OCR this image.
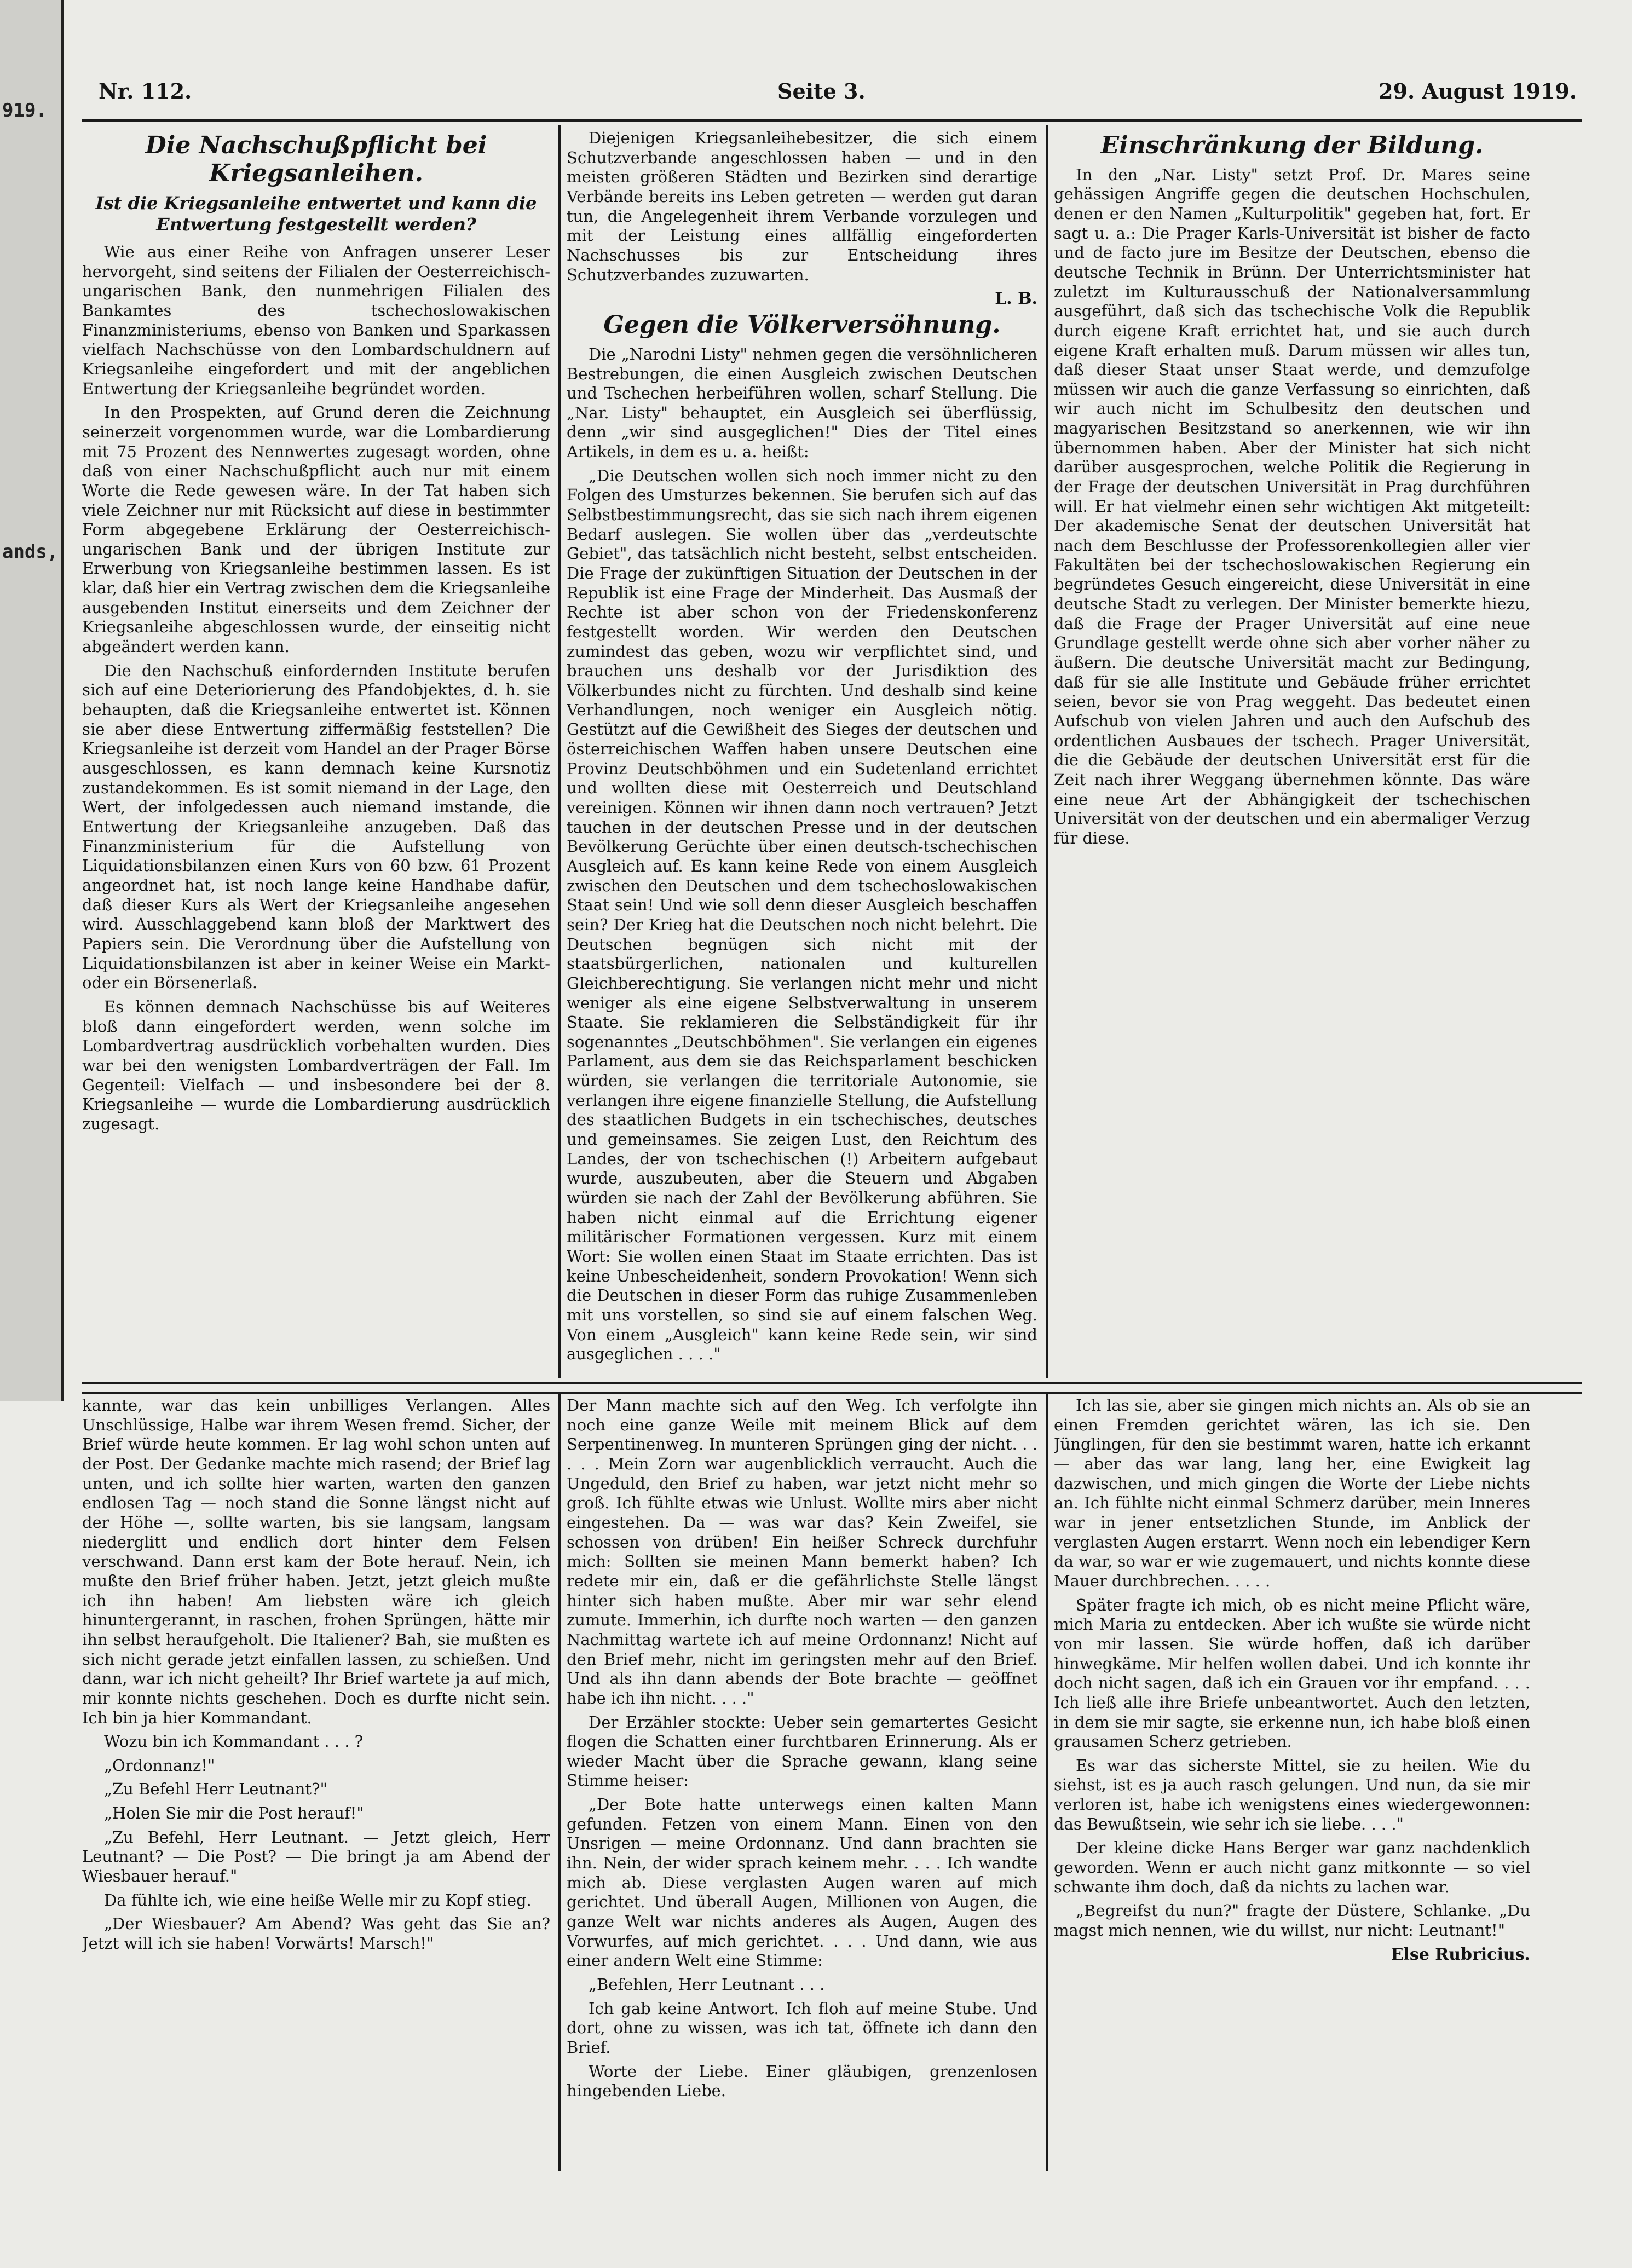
919.
ands,
Nr. 112.	Seite 3.	29. August 1919.
Die Nachschußpflicht bei Kriegsanleihen.
Ist die Kriegsanleihe entwertet und kann die Entwertung festgestellt werden?

Wie aus einer Reihe von Anfragen unserer Leser hervorgeht, sind seitens der Filialen der Oesterreichisch-ungarischen Bank, den nunmehrigen Filialen des Bankamtes des tschechoslowakischen Finanzministeriums, ebenso von Banken und Sparkassen vielfach Nachschüsse von den Lombardschuldnern auf Kriegsanleihe eingefordert und mit der angeblichen Entwertung der Kriegsanleihe begründet worden.

In den Prospekten, auf Grund deren die Zeichnung seinerzeit vorgenommen wurde, war die Lombardierung mit 75 Prozent des Nennwertes zugesagt worden, ohne daß von einer Nachschußpflicht auch nur mit einem Worte die Rede gewesen wäre. In der Tat haben sich viele Zeichner nur mit Rücksicht auf diese in bestimmter Form abgegebene Erklärung der Oesterreichisch-ungarischen Bank und der übrigen Institute zur Erwerbung von Kriegsanleihe bestimmen lassen. Es ist klar, daß hier ein Vertrag zwischen dem die Kriegsanleihe ausgebenden Institut einerseits und dem Zeichner der Kriegsanleihe abgeschlossen wurde, der einseitig nicht abgeändert werden kann.

Die den Nachschuß einfordernden Institute berufen sich auf eine Deteriorierung des Pfandobjektes, d. h. sie behaupten, daß die Kriegsanleihe entwertet ist. Können sie aber diese Entwertung ziffermäßig feststellen? Die Kriegsanleihe ist derzeit vom Handel an der Prager Börse ausgeschlossen, es kann demnach keine Kursnotiz zustandekommen. Es ist somit niemand in der Lage, den Wert, der infolgedessen auch niemand imstande, die Entwertung der Kriegsanleihe anzugeben. Daß das Finanzministerium für die Aufstellung von Liquidationsbilanzen einen Kurs von 60 bzw. 61 Prozent angeordnet hat, ist noch lange keine Handhabe dafür, daß dieser Kurs als Wert der Kriegsanleihe angesehen wird. Ausschlaggebend kann bloß der Marktwert des Papiers sein. Die Verordnung über die Aufstellung von Liquidationsbilanzen ist aber in keiner Weise ein Markt- oder ein Börsenerlaß.

Es können demnach Nachschüsse bis auf Weiteres bloß dann eingefordert werden, wenn solche im Lombardvertrag ausdrücklich vorbehalten wurden. Dies war bei den wenigsten Lombardverträgen der Fall. Im Gegenteil: Vielfach — und insbesondere bei der 8. Kriegsanleihe — wurde die Lombardierung ausdrücklich zugesagt.

Diejenigen Kriegsanleihebesitzer, die sich einem Schutzverbande angeschlossen haben — und in den meisten größeren Städten und Bezirken sind derartige Verbände bereits ins Leben getreten — werden gut daran tun, die Angelegenheit ihrem Verbande vorzulegen und mit der Leistung eines allfällig eingeforderten Nachschusses bis zur Entscheidung ihres Schutzverbandes zuzuwarten.

L. B.
Gegen die Völkerversöhnung.

Die „Narodni Listy" nehmen gegen die versöhnlicheren Bestrebungen, die einen Ausgleich zwischen Deutschen und Tschechen herbeiführen wollen, scharf Stellung. Die „Nar. Listy" behauptet, ein Ausgleich sei überflüssig, denn „wir sind ausgeglichen!" Dies der Titel eines Artikels, in dem es u. a. heißt:

„Die Deutschen wollen sich noch immer nicht zu den Folgen des Umsturzes bekennen. Sie berufen sich auf das Selbstbestimmungsrecht, das sie sich nach ihrem eigenen Bedarf auslegen. Sie wollen über das „verdeutschte Gebiet", das tatsächlich nicht besteht, selbst entscheiden. Die Frage der zukünftigen Situation der Deutschen in der Republik ist eine Frage der Minderheit. Das Ausmaß der Rechte ist aber schon von der Friedenskonferenz festgestellt worden. Wir werden den Deutschen zumindest das geben, wozu wir verpflichtet sind, und brauchen uns deshalb vor der Jurisdiktion des Völkerbundes nicht zu fürchten. Und deshalb sind keine Verhandlungen, noch weniger ein Ausgleich nötig. Gestützt auf die Gewißheit des Sieges der deutschen und österreichischen Waffen haben unsere Deutschen eine Provinz Deutschböhmen und ein Sudetenland errichtet und wollten diese mit Oesterreich und Deutschland vereinigen. Können wir ihnen dann noch vertrauen? Jetzt tauchen in der deutschen Presse und in der deutschen Bevölkerung Gerüchte über einen deutsch-tschechischen Ausgleich auf. Es kann keine Rede von einem Ausgleich zwischen den Deutschen und dem tschechoslowakischen Staat sein! Und wie soll denn dieser Ausgleich beschaffen sein? Der Krieg hat die Deutschen noch nicht belehrt. Die Deutschen begnügen sich nicht mit der staatsbürgerlichen, nationalen und kulturellen Gleichberechtigung. Sie verlangen nicht mehr und nicht weniger als eine eigene Selbstverwaltung in unserem Staate. Sie reklamieren die Selbständigkeit für ihr sogenanntes „Deutschböhmen". Sie verlangen ein eigenes Parlament, aus dem sie das Reichsparlament beschicken würden, sie verlangen die territoriale Autonomie, sie verlangen ihre eigene finanzielle Stellung, die Aufstellung des staatlichen Budgets in ein tschechisches, deutsches und gemeinsames. Sie zeigen Lust, den Reichtum des Landes, der von tschechischen (!) Arbeitern aufgebaut wurde, auszubeuten, aber die Steuern und Abgaben würden sie nach der Zahl der Bevölkerung abführen. Sie haben nicht einmal auf die Errichtung eigener militärischer Formationen vergessen. Kurz mit einem Wort: Sie wollen einen Staat im Staate errichten. Das ist keine Unbescheidenheit, sondern Provokation! Wenn sich die Deutschen in dieser Form das ruhige Zusammenleben mit uns vorstellen, so sind sie auf einem falschen Weg. Von einem „Ausgleich" kann keine Rede sein, wir sind ausgeglichen . . . ."

Einschränkung der Bildung.

In den „Nar. Listy" setzt Prof. Dr. Mares seine gehässigen Angriffe gegen die deutschen Hochschulen, denen er den Namen „Kulturpolitik" gegeben hat, fort. Er sagt u. a.: Die Prager Karls-Universität ist bisher de facto und de facto jure im Besitze der Deutschen, ebenso die deutsche Technik in Brünn. Der Unterrichtsminister hat zuletzt im Kulturausschuß der Nationalversammlung ausgeführt, daß sich das tschechische Volk die Republik durch eigene Kraft errichtet hat, und sie auch durch eigene Kraft erhalten muß. Darum müssen wir alles tun, daß dieser Staat unser Staat werde, und demzufolge müssen wir auch die ganze Verfassung so einrichten, daß wir auch nicht im Schulbesitz den deutschen und magyarischen Besitzstand so anerkennen, wie wir ihn übernommen haben. Aber der Minister hat sich nicht darüber ausgesprochen, welche Politik die Regierung in der Frage der deutschen Universität in Prag durchführen will. Er hat vielmehr einen sehr wichtigen Akt mitgeteilt: Der akademische Senat der deutschen Universität hat nach dem Beschlusse der Professorenkollegien aller vier Fakultäten bei der tschechoslowakischen Regierung ein begründetes Gesuch eingereicht, diese Universität in eine deutsche Stadt zu verlegen. Der Minister bemerkte hiezu, daß die Frage der Prager Universität auf eine neue Grundlage gestellt werde ohne sich aber vorher näher zu äußern. Die deutsche Universität macht zur Bedingung, daß für sie alle Institute und Gebäude früher errichtet seien, bevor sie von Prag weggeht. Das bedeutet einen Aufschub von vielen Jahren und auch den Aufschub des ordentlichen Ausbaues der tschech. Prager Universität, die die Gebäude der deutschen Universität erst für die Zeit nach ihrer Weggang übernehmen könnte. Das wäre eine neue Art der Abhängigkeit der tschechischen Universität von der deutschen und ein abermaliger Verzug für diese.

kannte, war das kein unbilliges Verlangen. Alles Unschlüssige, Halbe war ihrem Wesen fremd. Sicher, der Brief würde heute kommen. Er lag wohl schon unten auf der Post. Der Gedanke machte mich rasend; der Brief lag unten, und ich sollte hier warten, warten den ganzen endlosen Tag — noch stand die Sonne längst nicht auf der Höhe —, sollte warten, bis sie langsam, langsam niederglitt und endlich dort hinter dem Felsen verschwand. Dann erst kam der Bote herauf. Nein, ich mußte den Brief früher haben. Jetzt, jetzt gleich mußte ich ihn haben! Am liebsten wäre ich gleich hinuntergerannt, in raschen, frohen Sprüngen, hätte mir ihn selbst heraufgeholt. Die Italiener? Bah, sie mußten es sich nicht gerade jetzt einfallen lassen, zu schießen. Und dann, war ich nicht geheilt? Ihr Brief wartete ja auf mich, mir konnte nichts geschehen. Doch es durfte nicht sein. Ich bin ja hier Kommandant.

Wozu bin ich Kommandant . . . ?

„Ordonnanz!"

„Zu Befehl Herr Leutnant?"

„Holen Sie mir die Post herauf!"

„Zu Befehl, Herr Leutnant. — Jetzt gleich, Herr Leutnant? — Die Post? — Die bringt ja am Abend der Wiesbauer herauf."

Da fühlte ich, wie eine heiße Welle mir zu Kopf stieg.

„Der Wiesbauer? Am Abend? Was geht das Sie an? Jetzt will ich sie haben! Vorwärts! Marsch!"

Der Mann machte sich auf den Weg. Ich verfolgte ihn noch eine ganze Weile mit meinem Blick auf dem Serpentinenweg. In munteren Sprüngen ging der nicht. . . . . . Mein Zorn war augenblicklich verraucht. Auch die Ungeduld, den Brief zu haben, war jetzt nicht mehr so groß. Ich fühlte etwas wie Unlust. Wollte mirs aber nicht eingestehen. Da — was war das? Kein Zweifel, sie schossen von drüben! Ein heißer Schreck durchfuhr mich: Sollten sie meinen Mann bemerkt haben? Ich redete mir ein, daß er die gefährlichste Stelle längst hinter sich haben mußte. Aber mir war sehr elend zumute. Immerhin, ich durfte noch warten — den ganzen Nachmittag wartete ich auf meine Ordonnanz! Nicht auf den Brief mehr, nicht im geringsten mehr auf den Brief. Und als ihn dann abends der Bote brachte — geöffnet habe ich ihn nicht. . . ."

Der Erzähler stockte: Ueber sein gemartertes Gesicht flogen die Schatten einer furchtbaren Erinnerung. Als er wieder Macht über die Sprache gewann, klang seine Stimme heiser:

„Der Bote hatte unterwegs einen kalten Mann gefunden. Fetzen von einem Mann. Einen von den Unsrigen — meine Ordonnanz. Und dann brachten sie ihn. Nein, der wider sprach keinem mehr. . . . Ich wandte mich ab. Diese verglasten Augen waren auf mich gerichtet. Und überall Augen, Millionen von Augen, die ganze Welt war nichts anderes als Augen, Augen des Vorwurfes, auf mich gerichtet. . . . Und dann, wie aus einer andern Welt eine Stimme:

„Befehlen, Herr Leutnant . . .

Ich gab keine Antwort. Ich floh auf meine Stube. Und dort, ohne zu wissen, was ich tat, öffnete ich dann den Brief.

Worte der Liebe. Einer gläubigen, grenzenlosen hingebenden Liebe.

Ich las sie, aber sie gingen mich nichts an. Als ob sie an einen Fremden gerichtet wären, las ich sie. Den Jünglingen, für den sie bestimmt waren, hatte ich erkannt — aber das war lang, lang her, eine Ewigkeit lag dazwischen, und mich gingen die Worte der Liebe nichts an. Ich fühlte nicht einmal Schmerz darüber, mein Inneres war in jener entsetzlichen Stunde, im Anblick der verglasten Augen erstarrt. Wenn noch ein lebendiger Kern da war, so war er wie zugemauert, und nichts konnte diese Mauer durchbrechen. . . . .

Später fragte ich mich, ob es nicht meine Pflicht wäre, mich Maria zu entdecken. Aber ich wußte sie würde nicht von mir lassen. Sie würde hoffen, daß ich darüber hinwegkäme. Mir helfen wollen dabei. Und ich konnte ihr doch nicht sagen, daß ich ein Grauen vor ihr empfand. . . . Ich ließ alle ihre Briefe unbeantwortet. Auch den letzten, in dem sie mir sagte, sie erkenne nun, ich habe bloß einen grausamen Scherz getrieben.

Es war das sicherste Mittel, sie zu heilen. Wie du siehst, ist es ja auch rasch gelungen. Und nun, da sie mir verloren ist, habe ich wenigstens eines wiedergewonnen: das Bewußtsein, wie sehr ich sie liebe. . . ."

Der kleine dicke Hans Berger war ganz nachdenklich geworden. Wenn er auch nicht ganz mitkonnte — so viel schwante ihm doch, daß da nichts zu lachen war.

„Begreifst du nun?" fragte der Düstere, Schlanke. „Du magst mich nennen, wie du willst, nur nicht: Leutnant!"

Else Rubricius.
